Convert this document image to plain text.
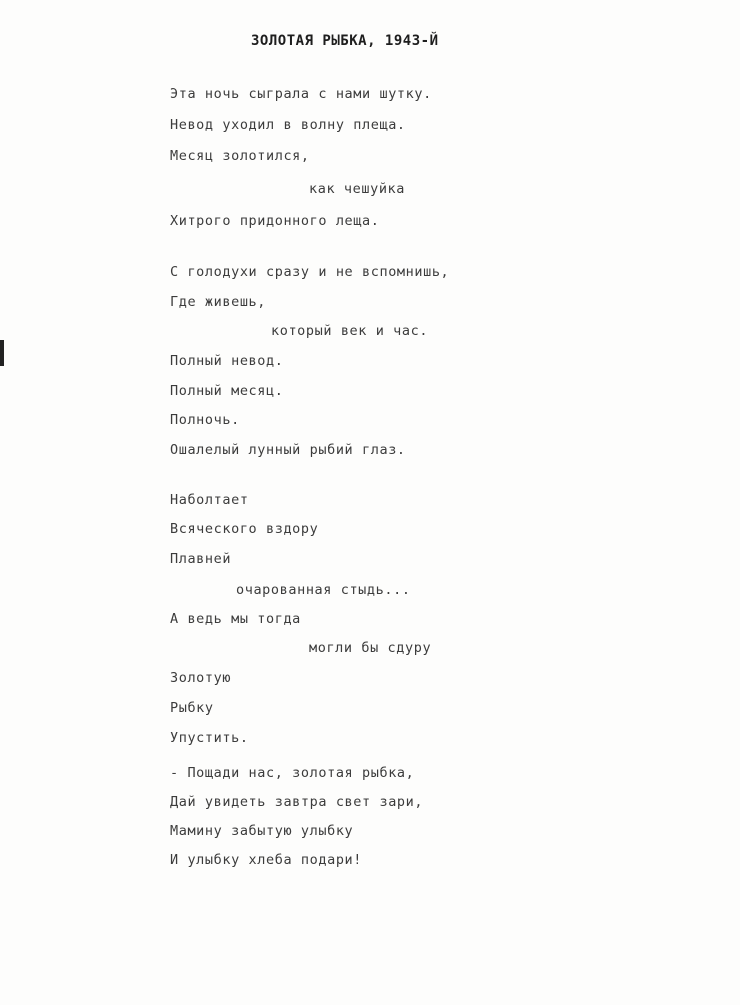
ЗОЛОТАЯ РЫБКА, 1943-Й
Эта ночь сыграла с нами шутку.
Невод уходил в волну плеща.
Месяц золотился,
как чешуйка
Хитрого придонного леща.
С голодухи сразу и не вспомнишь,
Где живешь,
который век и час.
Полный невод.
Полный месяц.
Полночь.
Ошалелый лунный рыбий глаз.
Наболтает
Всяческого вздору
Плавней
очарованная стыдь...
А ведь мы тогда
могли бы сдуру
Золотую
Рыбку
Упустить.
- Пощади нас, золотая рыбка,
Дай увидеть завтра свет зари,
Мамину забытую улыбку
И улыбку хлеба подари!
